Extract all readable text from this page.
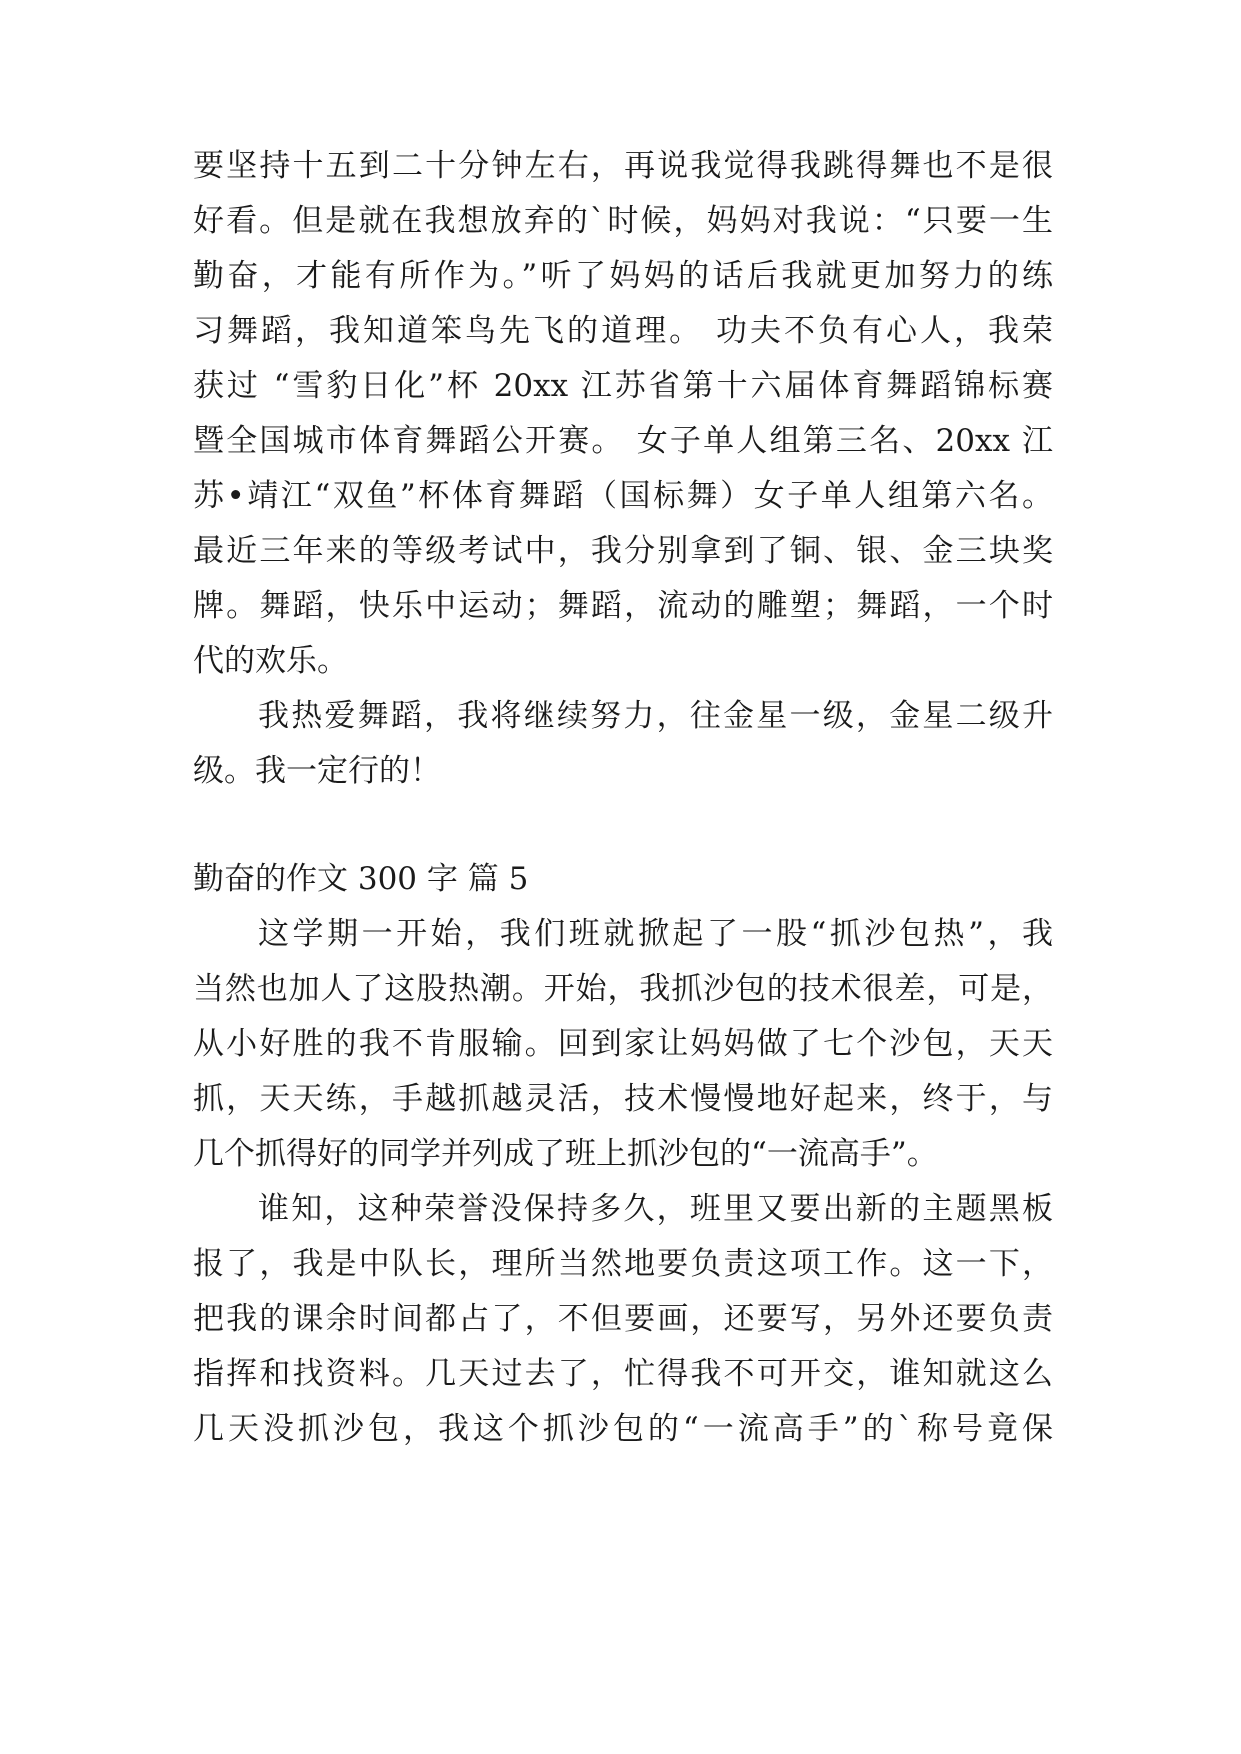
要坚持十五到二十分钟左右，再说我觉得我跳得舞也不是很
好看。但是就在我想放弃的`时候，妈妈对我说：“只要一生
勤奋，才能有所作为。”听了妈妈的话后我就更加努力的练
习舞蹈，我知道笨鸟先飞的道理。 功夫不负有心人，我荣
获过 “雪豹日化”杯 20xx 江苏省第十六届体育舞蹈锦标赛
暨全国城市体育舞蹈公开赛。 女子单人组第三名、20xx 江
苏•靖江“双鱼”杯体育舞蹈（国标舞）女子单人组第六名。
最近三年来的等级考试中，我分别拿到了铜、银、金三块奖
牌。舞蹈，快乐中运动；舞蹈，流动的雕塑；舞蹈，一个时
代的欢乐。
我热爱舞蹈，我将继续努力，往金星一级，金星二级升
级。我一定行的！
勤奋的作文 300 字 篇 5
这学期一开始，我们班就掀起了一股“抓沙包热”，我
当然也加人了这股热潮。开始，我抓沙包的技术很差，可是，
从小好胜的我不肯服输。回到家让妈妈做了七个沙包，天天
抓，天天练，手越抓越灵活，技术慢慢地好起来，终于，与
几个抓得好的同学并列成了班上抓沙包的“一流高手”。
谁知，这种荣誉没保持多久，班里又要出新的主题黑板
报了，我是中队长，理所当然地要负责这项工作。这一下，
把我的课余时间都占了，不但要画，还要写，另外还要负责
指挥和找资料。几天过去了，忙得我不可开交，谁知就这么
几天没抓沙包，我这个抓沙包的“一流高手”的`称号竟保
